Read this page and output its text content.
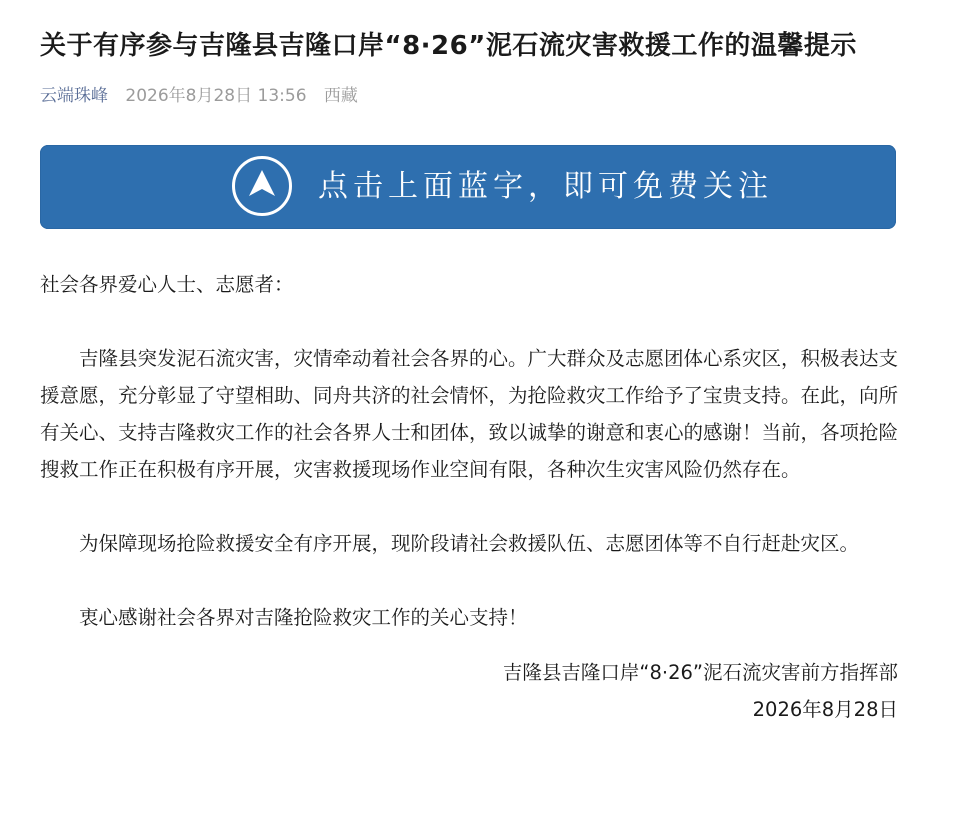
关于有序参与吉隆县吉隆口岸“8·26”泥石流灾害救援工作的温馨提示
云端珠峰 2026年8月28日 13:56 西藏
点击上面蓝字，即可免费关注

社会各界爱心人士、志愿者：

吉隆县突发泥石流灾害，灾情牵动着社会各界的心。广大群众及志愿团体心系灾区，积极表达支援意愿，充分彰显了守望相助、同舟共济的社会情怀，为抢险救灾工作给予了宝贵支持。在此，向所有关心、支持吉隆救灾工作的社会各界人士和团体，致以诚挚的谢意和衷心的感谢！当前，各项抢险搜救工作正在积极有序开展，灾害救援现场作业空间有限，各种次生灾害风险仍然存在。

为保障现场抢险救援安全有序开展，现阶段请社会救援队伍、志愿团体等不自行赶赴灾区。

衷心感谢社会各界对吉隆抢险救灾工作的关心支持！

吉隆县吉隆口岸“8·26”泥石流灾害前方指挥部

2026年8月28日
